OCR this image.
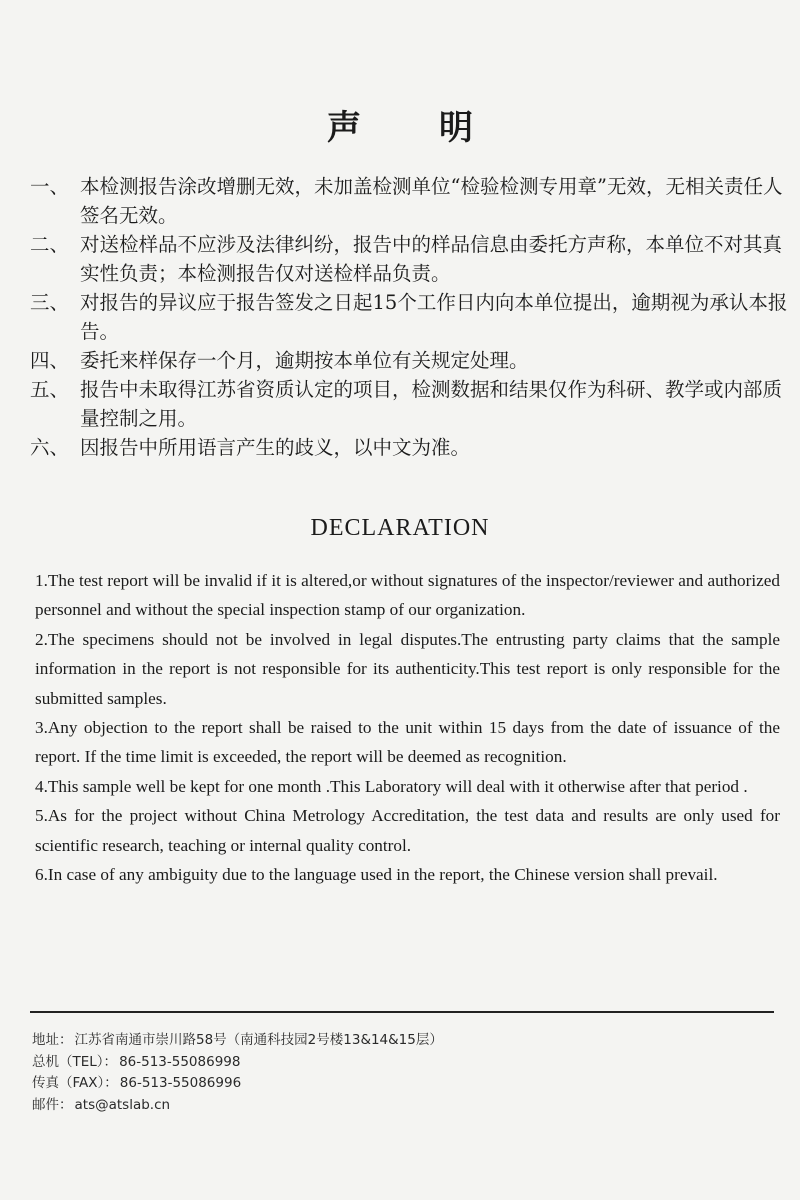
声 明
一、 本检测报告涂改增删无效，未加盖检测单位“检验检测专用章”无效，无相关责任人签名无效。
二、 对送检样品不应涉及法律纠纷，报告中的样品信息由委托方声称，本单位不对其真实性负责；本检测报告仅对送检样品负责。
三、 对报告的异议应于报告签发之日起15个工作日内向本单位提出，逾期视为承认本报告。
四、 委托来样保存一个月，逾期按本单位有关规定处理。
五、 报告中未取得江苏省资质认定的项目，检测数据和结果仅作为科研、教学或内部质量控制之用。
六、 因报告中所用语言产生的歧义，以中文为准。
DECLARATION

1.The test report will be invalid if it is altered,or without signatures of the inspector/reviewer and authorized personnel and without the special inspection stamp of our organization.

2.The specimens should not be involved in legal disputes.The entrusting party claims that the sample information in the report is not responsible for its authenticity.This test report is only responsible for the submitted samples.

3.Any objection to the report shall be raised to the unit within 15 days from the date of issuance of the report. If the time limit is exceeded, the report will be deemed as recognition.

4.This sample well be kept for one month .This Laboratory will deal with it otherwise after that period .

5.As for the project without China Metrology Accreditation, the test data and results are only used for scientific research, teaching or internal quality control.

6.In case of any ambiguity due to the language used in the report, the Chinese version shall prevail.

地址： 江苏省南通市崇川路58号（南通科技园2号楼13&14&15层）
总机（TEL）： 86-513-55086998
传真（FAX）： 86-513-55086996
邮件： ats@atslab.cn
